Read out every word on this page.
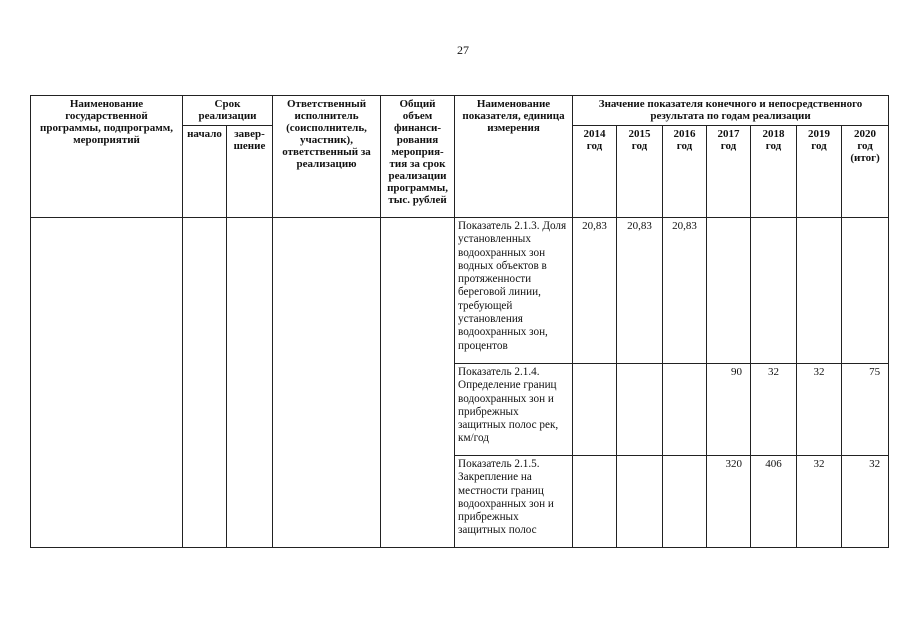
27
Наименование государственной программы, подпрограмм, мероприятий	Срок реализации		Ответственный исполнитель (соисполнитель, участник), ответственный за реализацию	Общий объем финанси-рования мероприя-тия за срок реализации программы, тыс. рублей	Наименование показателя, единица измерения	Значение показателя конечного и непосредственного результата по годам реализации						
	начало	завер-шение				2014 год	2015 год	2016 год	2017 год	2018 год	2019 год	2020 год (итог)
					Показатель 2.1.3. Доля установленных водоохранных зон водных объектов в протяженности береговой линии, требующей установления водоохранных зон, процентов	20,83	20,83	20,83				
					Показатель 2.1.4. Определение границ водоохранных зон и прибрежных защитных полос рек, км/год				90	32	32	75
					Показатель 2.1.5. Закрепление на местности границ водоохранных зон и прибрежных защитных полос				320	406	32	32
